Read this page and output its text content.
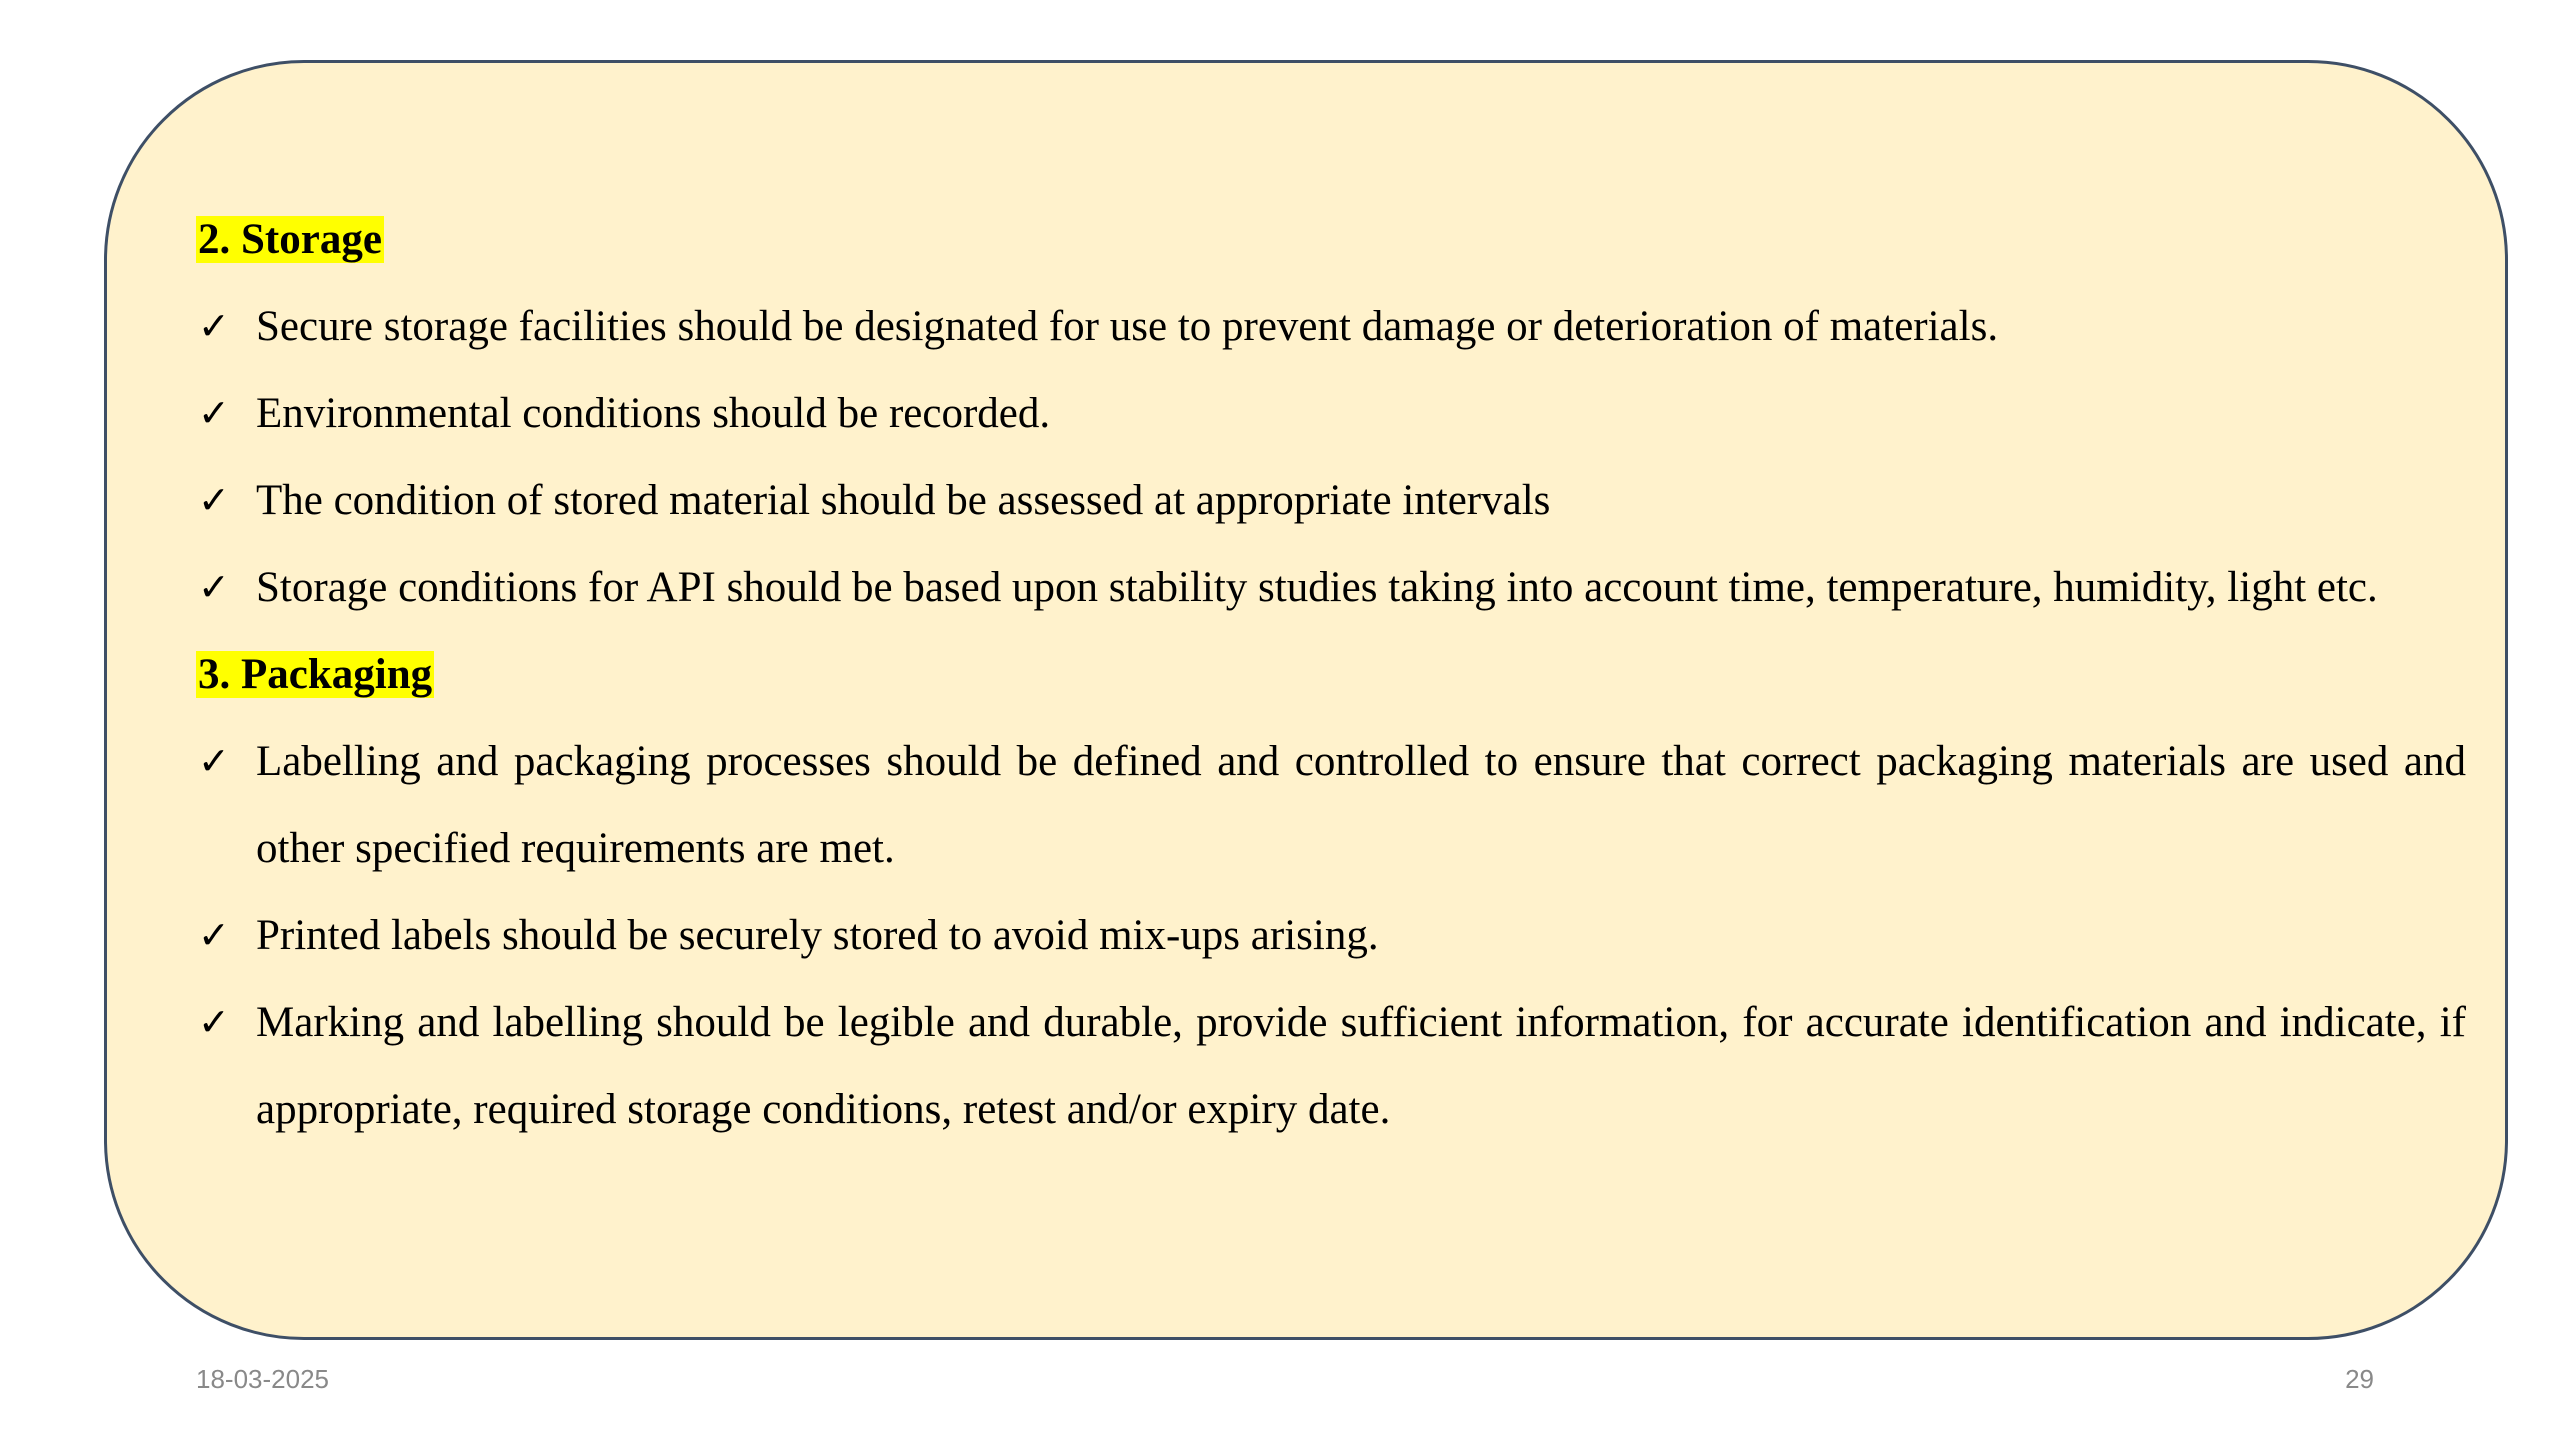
2. Storage
✓ Secure storage facilities should be designated for use to prevent damage or deterioration of materials.
✓ Environmental conditions should be recorded.
✓ The condition of stored material should be assessed at appropriate intervals
✓ Storage conditions for API should be based upon stability studies taking into account time, temperature, humidity, light etc.
3. Packaging
✓ Labelling and packaging processes should be defined and controlled to ensure that correct packaging materials are used and other specified requirements are met.
✓ Printed labels should be securely stored to avoid mix-ups arising.
✓ Marking and labelling should be legible and durable, provide sufficient information, for accurate identification and indicate, if appropriate, required storage conditions, retest and/or expiry date.
18-03-2025	29
